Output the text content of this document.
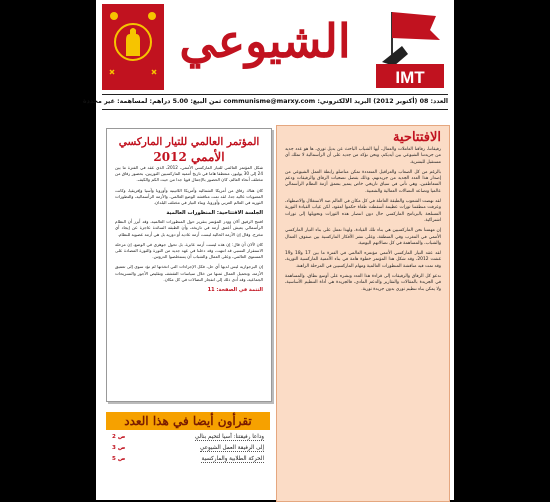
الشيوعي
IMT
العدد: 08 (أكتوبر 2012) البريد الالكتروني: communisme@marxy.com ثمن البيع: 5.00 دراهم: لمساهمة: غير محددة
المؤتمر العالمي للتيار الماركسي
الأممي 2012

شكل المؤتمر العالمي للتيار الماركسي الأممي، 2012، الذي عقد في الفترة ما بين 24 إلى 30 يوليوز، منعطفا هاما في تاريخ أممية الماركسيين الثوريين، بحضور رفاق من مختلف أنحاء العالم، كان الحضور بالإجمال قويا جدا من حيث الكم والكيف.

كان هناك رفاق من أمريكا الشمالية وأمريكا اللاتينية وأوروبا وآسيا وإفريقيا، وكانت المعنويات عالية جدا، لقد تمت مناقشة الوضع العالمي، والأزمة الرأسمالية، والتطورات الثورية في العالم العربي وأوروبا، وبناء التيار في مختلف البلدان.

الجلسة الافتتاحية: المنظورات العالمية

افتتح الرفيق آلان وودز المؤتمر بتقرير حول المنظورات العالمية، وقد أبرز أن النظام الرأسمالي يعيش أعمق أزمة في تاريخه، وأن الطبقة السائدة عاجزة عن إيجاد أي مخرج. وقال إن الأزمة الحالية ليست أزمة عادية أو دورية بل هي أزمة عضوية للنظام.

كان لآلان أن قال: إن هذه ليست أزمة عابرة، بل تحول جوهري في الوضع، إن مرحلة الاستقرار النسبي قد انتهت، وقد دخلنا في عهد جديد من الثورة والثورة المضادة على المستوى العالمي، وعلى العمال والشباب أن يستخلصوا الدروس.

إن البرجوازية ليس لديها أي حل، فكل الإجراءات التي اتخذتها لم تؤد سوى إلى تعميق الأزمة، وتحميل العمال ثمنها من خلال سياسات التقشف وتقليص الأجور والتسريحات الجماعية، وقد أدى ذلك إلى انفجار النضالات في كل مكان.

التتمة في الصفحة: 11
تقرأون أيضا في هذا العدد
وداعا رفيقتنا: آسيا لتحيم بنالي
ص 2
إلى الرفيقة العمل الشيوعي
ص 3
الحركة الطلابية والماركسية
ص 5
الافتتاحية

رفيقاتنا، رفاقنا العاملات والعمال، أيها الشباب الباحث عن بديل ثوري، ها هو عدد جديد من جريدتنا الشيوعي بين أيديكم، ونحن نؤكد من جديد على أن الرأسمالية لا تملك أي مستقبل للبشرية.

بالرغم من كل الصعاب والعراقيل المتعددة تمكن مناضلو رابطة العمل الشيوعي من إصدار هذا العدد الجديد من جريدتهم، وذلك بفضل تضحيات الرفاق والرفيقات ودعم المتعاطفين، وهي تأتي في سياق تاريخي خاص يتميز بتعمق أزمة النظام الرأسمالي عالميا وتصاعد النضالات العمالية والشعبية.

لقد نهضت الشعوب والطبقة العاملة في كل مكان في العالم ضد الاستغلال والاضطهاد، وعرفت منطقتنا ثورات عظيمة أسقطت طغاة حكموا لعقود، لكن غياب القيادة الثورية المسلحة بالبرنامج الماركسي حال دون انتصار هذه الثورات وتحويلها إلى ثورات اشتراكية.

إن مهمتنا نحن الماركسيين هي بناء تلك القيادة، ولهذا نعمل على بناء التيار الماركسي الأممي في المغرب وفي المنطقة، وعلى نشر الأفكار الماركسية بين صفوف العمال والشباب، والمساهمة في كل نضالاتهم اليومية.

لقد عقد التيار الماركسي الأممي مؤتمره العالمي في الفترة ما بين 17 و18 و19 غشت 2012، وقد شكل هذا المؤتمر خطوة هامة في بناء الأممية الماركسية الثورية، وقد تمت فيه مناقشة المنظورات العالمية ومهام الماركسيين في المرحلة الراهنة.

ندعو كل الرفاق والرفيقات إلى قراءة هذا العدد ونشره على أوسع نطاق، والمساهمة في الجريدة بالمقالات والتقارير والدعم المادي، فالجريدة هي أداة التنظيم الأساسية، ولا يمكن بناء تنظيم ثوري بدون جريدة ثورية.
